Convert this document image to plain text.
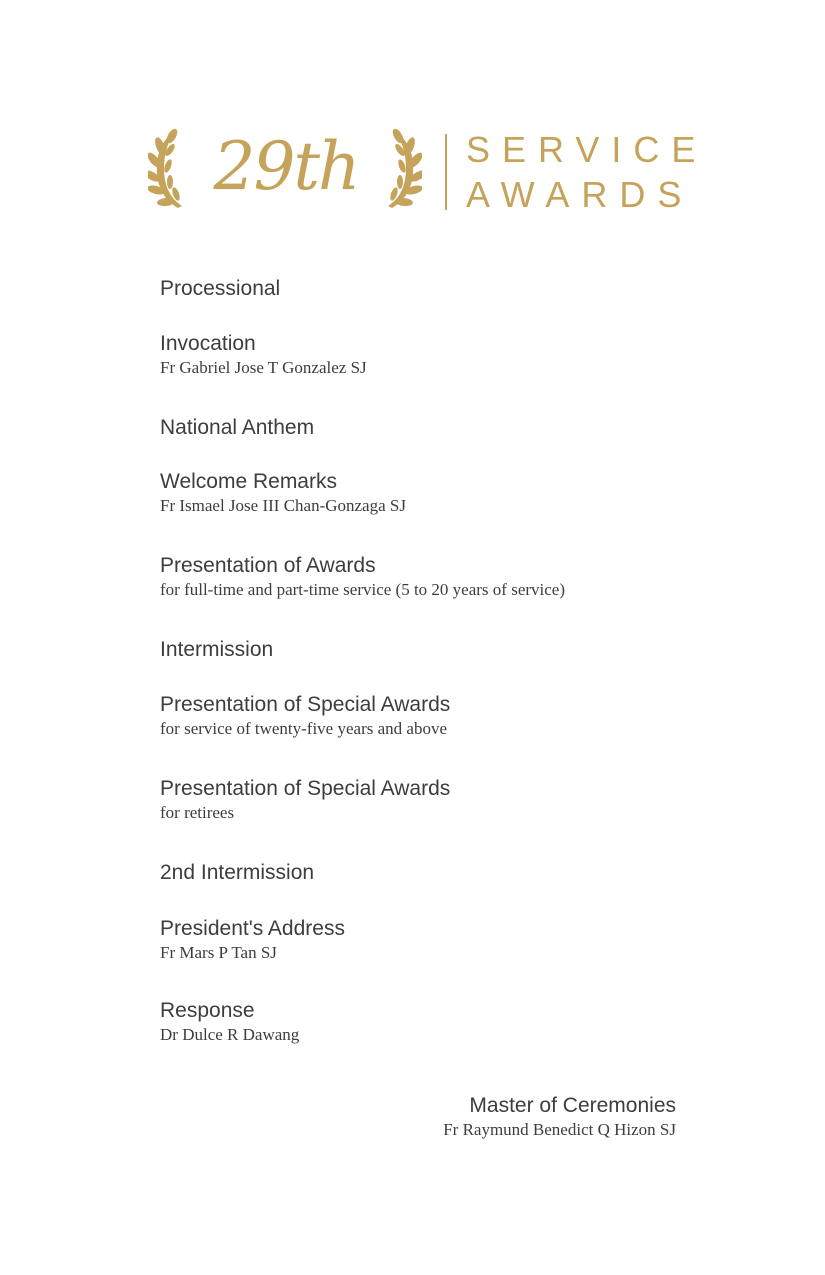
29th	SERVICE
AWARDS
Processional
Invocation
Fr Gabriel Jose T Gonzalez SJ
National Anthem
Welcome Remarks
Fr Ismael Jose III Chan-Gonzaga SJ
Presentation of Awards
for full-time and part-time service (5 to 20 years of service)
Intermission
Presentation of Special Awards
for service of twenty-five years and above
Presentation of Special Awards
for retirees
2nd Intermission
President's Address
Fr Mars P Tan SJ
Response
Dr Dulce R Dawang
Master of Ceremonies
Fr Raymund Benedict Q Hizon SJ
